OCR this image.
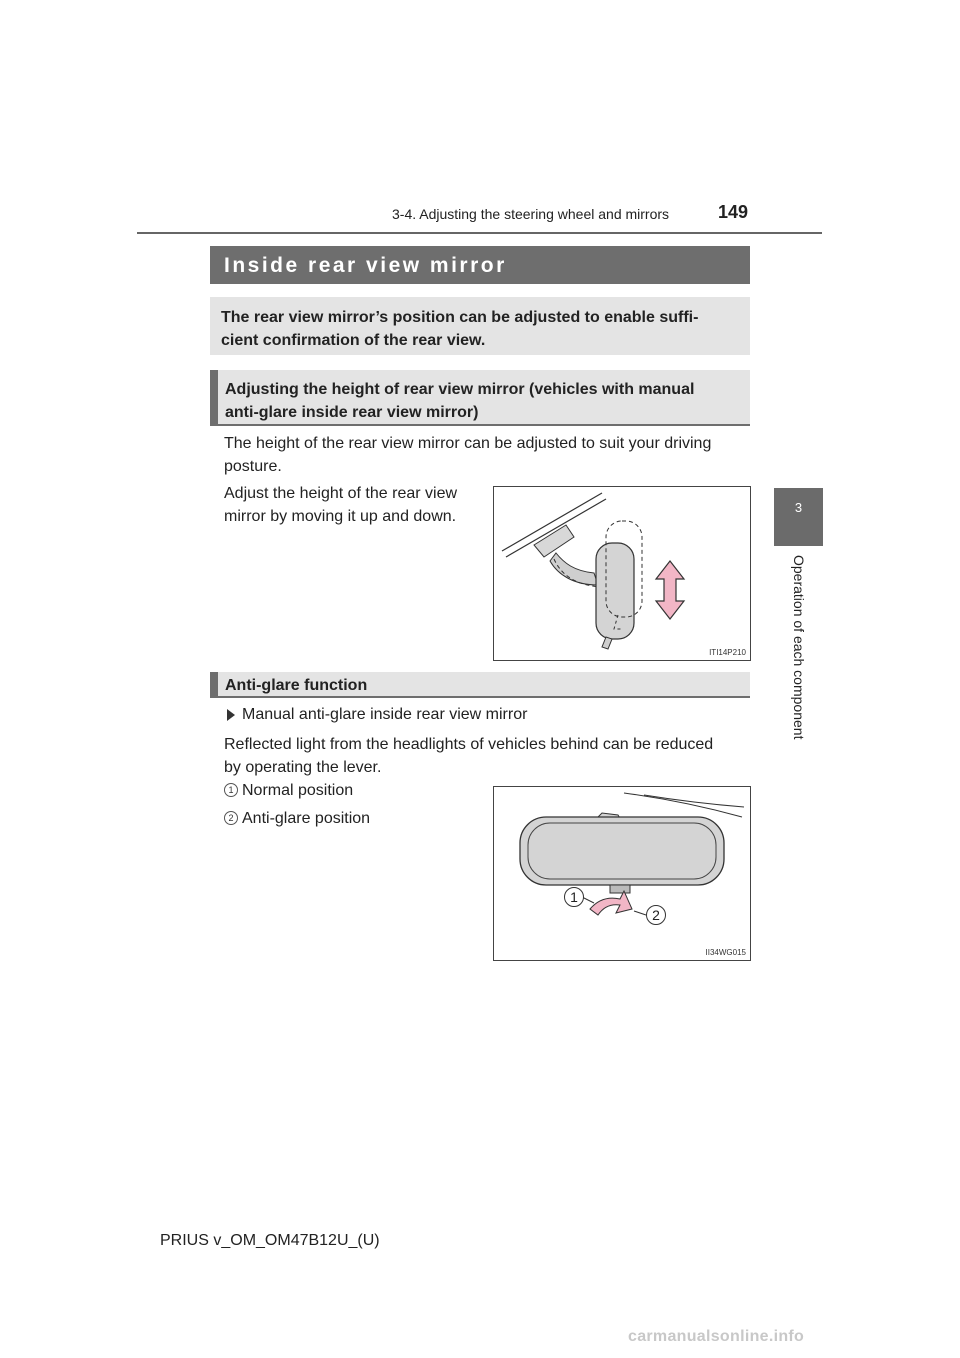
3-4. Adjusting the steering wheel and mirrors	149
3
Operation of each component
Inside rear view mirror
The rear view mirror’s position can be adjusted to enable suffi-
cient confirmation of the rear view.
Adjusting the height of rear view mirror (vehicles with manual
anti-glare inside rear view mirror)
The height of the rear view mirror can be adjusted to suit your driving
posture.
Adjust the height of the rear view
mirror by moving it up and down.
ITI14P210
Anti-glare function
Manual anti-glare inside rear view mirror
Reflected light from the headlights of vehicles behind can be reduced
by operating the lever.
1 Normal position
2 Anti-glare position
1
2
II34WG015
PRIUS v_OM_OM47B12U_(U)
carmanualsonline.info
